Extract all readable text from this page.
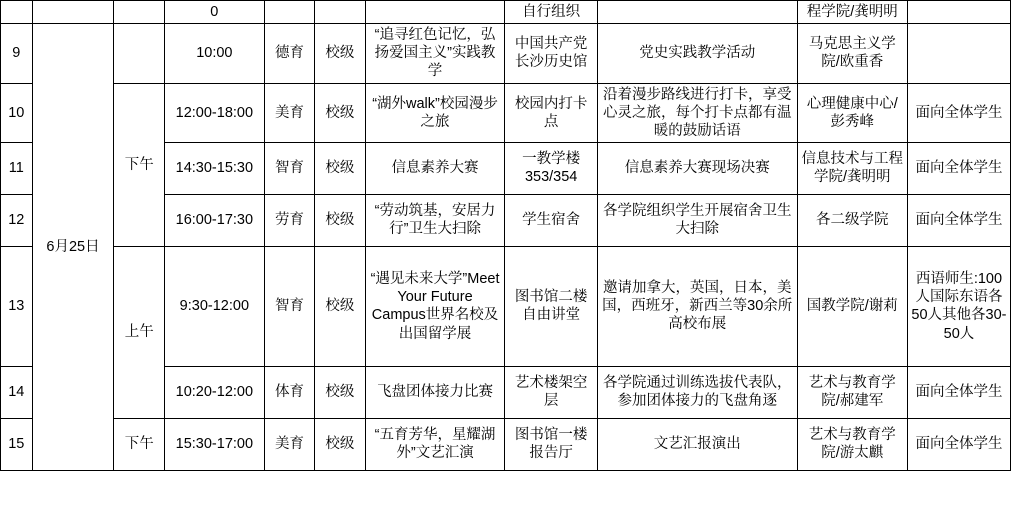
			0				自行组织		程学院/龚明明	
9	6月25日		10:00	德育	校级	“追寻红色记忆，弘扬爱国主义”实践教学	中国共产党长沙历史馆	党史实践教学活动	马克思主义学院/欧重香	
10		下午	12:00-18:00	美育	校级	“湖外walk”校园漫步之旅	校园内打卡点	沿着漫步路线进行打卡，享受心灵之旅，每个打卡点都有温暖的鼓励话语	心理健康中心/彭秀峰	面向全体学生
11			14:30-15:30	智育	校级	信息素养大赛	一教学楼353/354	信息素养大赛现场决赛	信息技术与工程学院/龚明明	面向全体学生
12			16:00-17:30	劳育	校级	“劳动筑基，安居力行”卫生大扫除	学生宿舍	各学院组织学生开展宿舍卫生大扫除	各二级学院	面向全体学生
13		上午	9:30-12:00	智育	校级	“遇见未来大学”Meet Your Future Campus世界名校及出国留学展	图书馆二楼自由讲堂	邀请加拿大，英国，日本，美国，西班牙，新西兰等30余所高校布展	国教学院/谢莉	西语师生:100人国际东语各50人其他各30-50人
14			10:20-12:00	体育	校级	飞盘团体接力比赛	艺术楼架空层	各学院通过训练选拔代表队，参加团体接力的飞盘角逐	艺术与教育学院/郝建军	面向全体学生
15		下午	15:30-17:00	美育	校级	“五育芳华，星耀湖外”文艺汇演	图书馆一楼报告厅	文艺汇报演出	艺术与教育学院/游太麒	面向全体学生
